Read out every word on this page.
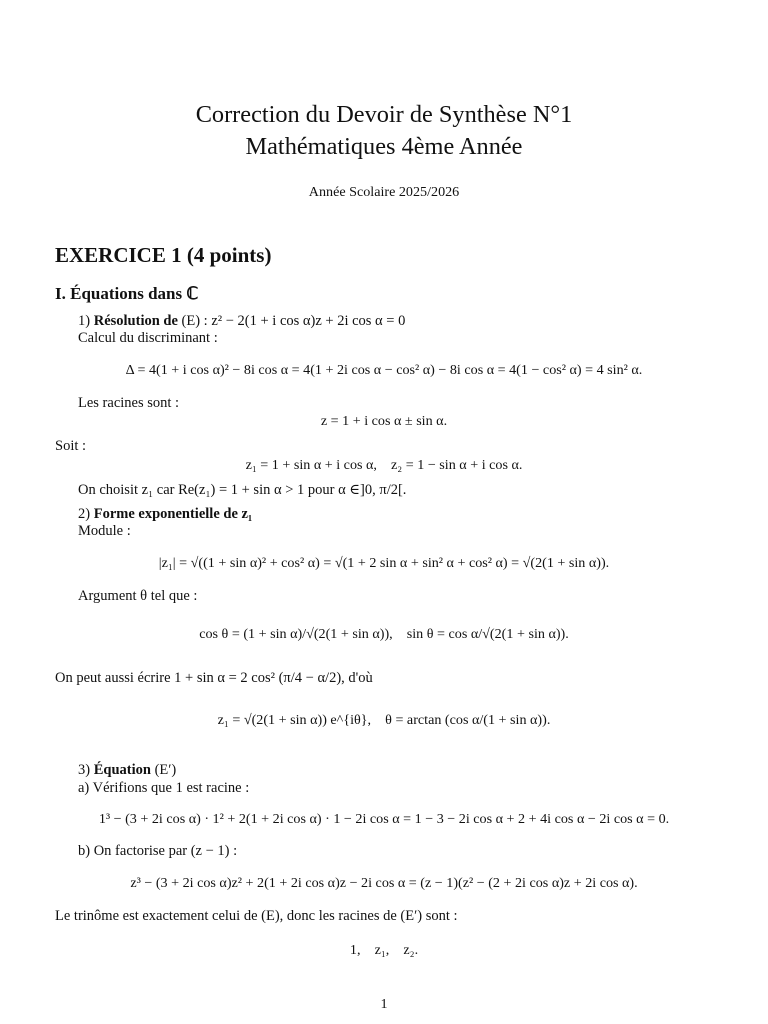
Correction du Devoir de Synthèse N°1
Mathématiques 4ème Année
Année Scolaire 2025/2026
EXERCICE 1 (4 points)
I. Équations dans ℂ
1) Résolution de (E) : z² − 2(1 + i cos α)z + 2i cos α = 0
Calcul du discriminant :
Δ = 4(1 + i cos α)² − 8i cos α = 4(1 + 2i cos α − cos² α) − 8i cos α = 4(1 − cos² α) = 4 sin² α.
Les racines sont :
z = 1 + i cos α ± sin α.
Soit :
z₁ = 1 + sin α + i cos α,    z₂ = 1 − sin α + i cos α.
On choisit z₁ car Re(z₁) = 1 + sin α > 1 pour α ∈]0, π/2[.
2) Forme exponentielle de z₁
Module :
|z₁| = √((1 + sin α)² + cos² α) = √(1 + 2 sin α + sin² α + cos² α) = √(2(1 + sin α)).
Argument θ tel que :
cos θ = (1 + sin α)/√(2(1 + sin α)),    sin θ = cos α/√(2(1 + sin α)).
On peut aussi écrire 1 + sin α = 2 cos² (π/4 − α/2), d'où
z₁ = √(2(1 + sin α)) e^{iθ},    θ = arctan (cos α/(1 + sin α)).
3) Équation (E′)
a) Vérifions que 1 est racine :
1³ − (3 + 2i cos α) · 1² + 2(1 + 2i cos α) · 1 − 2i cos α = 1 − 3 − 2i cos α + 2 + 4i cos α − 2i cos α = 0.
b) On factorise par (z − 1) :
z³ − (3 + 2i cos α)z² + 2(1 + 2i cos α)z − 2i cos α = (z − 1)(z² − (2 + 2i cos α)z + 2i cos α).
Le trinôme est exactement celui de (E), donc les racines de (E′) sont :
1,    z₁,    z₂.
1
